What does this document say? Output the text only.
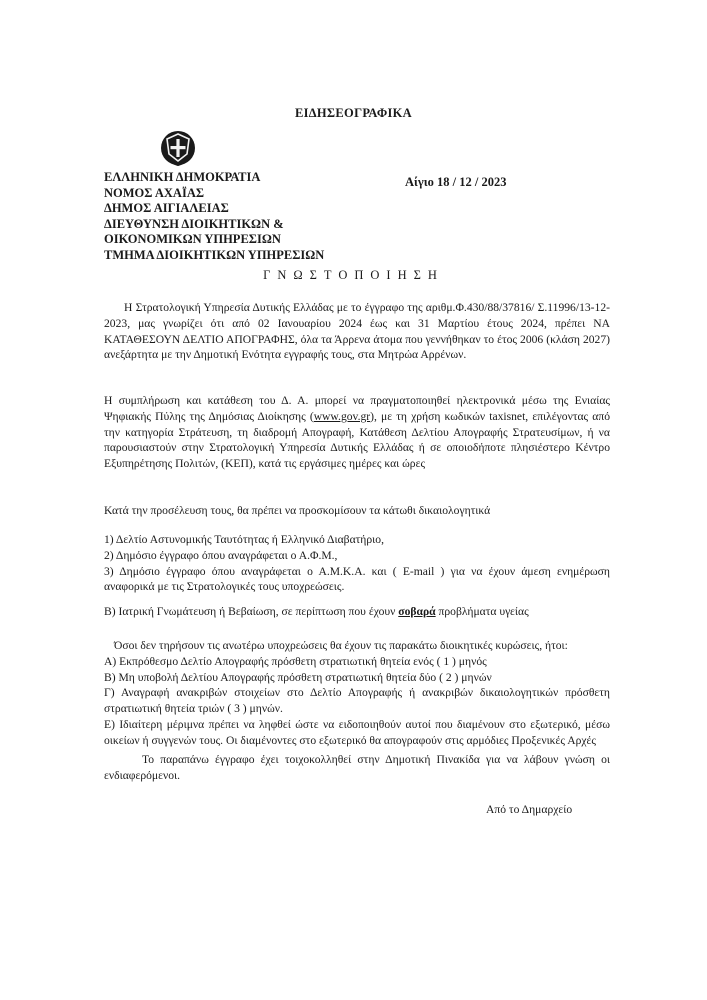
ΕΙΔΗΣΕΟΓΡΑΦΙΚΑ
ΕΛΛΗΝΙΚΗ ΔΗΜΟΚΡΑΤΙΑ
ΝΟΜΟΣ ΑΧΑΪΑΣ
ΔΗΜΟΣ ΑΙΓΙΑΛΕΙΑΣ
ΔΙΕΥΘΥΝΣΗ ΔΙΟΙΚΗΤΙΚΩΝ &
ΟΙΚΟΝΟΜΙΚΩΝ ΥΠΗΡΕΣΙΩΝ
ΤΜΗΜΑ ΔΙΟΙΚΗΤΙΚΩΝ ΥΠΗΡΕΣΙΩΝ
Αίγιο 18 / 12 / 2023
ΓΝΩΣΤΟΠΟΙΗΣΗ
Η Στρατολογική Υπηρεσία Δυτικής Ελλάδας με το έγγραφο της αριθμ.Φ.430/88/37816/ Σ.11996/13-12-2023, μας γνωρίζει ότι από 02 Ιανουαρίου 2024 έως και 31 Μαρτίου έτους 2024, πρέπει ΝΑ ΚΑΤΑΘΕΣΟΥΝ ΔΕΛΤΙΟ ΑΠΟΓΡΑΦΗΣ, όλα τα Άρρενα άτομα που γεννήθηκαν το έτος 2006 (κλάση 2027) ανεξάρτητα με την Δημοτική Ενότητα εγγραφής τους, στα Μητρώα Αρρένων.
Η συμπλήρωση και κατάθεση του Δ. Α. μπορεί να πραγματοποιηθεί ηλεκτρονικά μέσω της Ενιαίας Ψηφιακής Πύλης της Δημόσιας Διοίκησης (www.gov.gr), με τη χρήση κωδικών taxisnet, επιλέγοντας από την κατηγορία Στράτευση, τη διαδρομή Απογραφή, Κατάθεση Δελτίου Απογραφής Στρατευσίμων, ή να παρουσιαστούν στην Στρατολογική Υπηρεσία Δυτικής Ελλάδας ή σε οποιοδήποτε πλησιέστερο Κέντρο Εξυπηρέτησης Πολιτών, (ΚΕΠ), κατά τις εργάσιμες ημέρες και ώρες
Κατά την προσέλευση τους, θα πρέπει να προσκομίσουν τα κάτωθι δικαιολογητικά
1) Δελτίο Αστυνομικής Ταυτότητας ή Ελληνικό Διαβατήριο,
2) Δημόσιο έγγραφο όπου αναγράφεται ο Α.Φ.Μ.,
3) Δημόσιο έγγραφο όπου αναγράφεται ο Α.Μ.Κ.Α. και ( E-mail ) για να έχουν άμεση ενημέρωση αναφορικά με τις Στρατολογικές τους υποχρεώσεις.
Β) Ιατρική Γνωμάτευση ή Βεβαίωση, σε περίπτωση που έχουν σοβαρά προβλήματα υγείας
Όσοι δεν τηρήσουν τις ανωτέρω υποχρεώσεις θα έχουν τις παρακάτω διοικητικές κυρώσεις, ήτοι:
Α) Εκπρόθεσμο Δελτίο Απογραφής πρόσθετη στρατιωτική θητεία ενός ( 1 ) μηνός
Β) Μη υποβολή Δελτίου Απογραφής πρόσθετη στρατιωτική θητεία δύο ( 2 ) μηνών
Γ) Αναγραφή ανακριβών στοιχείων στο Δελτίο Απογραφής ή ανακριβών δικαιολογητικών πρόσθετη στρατιωτική θητεία τριών ( 3 ) μηνών.
Ε) Ιδιαίτερη μέριμνα πρέπει να ληφθεί ώστε να ειδοποιηθούν αυτοί που διαμένουν στο εξωτερικό, μέσω οικείων ή συγγενών τους. Οι διαμένοντες στο εξωτερικό θα απογραφούν στις αρμόδιες Προξενικές Αρχές
Το παραπάνω έγγραφο έχει τοιχοκολληθεί στην Δημοτική Πινακίδα για να λάβουν γνώση οι ενδιαφερόμενοι.
Από το Δημαρχείο
